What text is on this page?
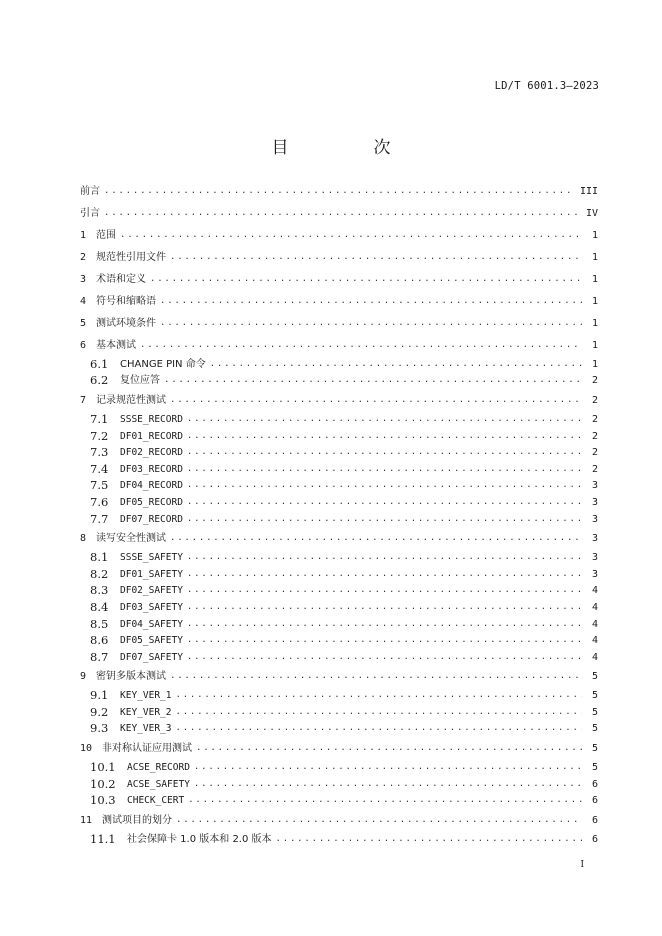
LD/T 6001.3—2023
目　次
前言 .....	III
引言 .....	IV
1 范围 .....	1
2 规范性引用文件 .....	1
3 术语和定义 .....	1
4 符号和缩略语 .....	1
5 测试环境条件 .....	1
6 基本测试 .....	1
6.1	CHANGE PIN 命令 .....	1
6.2	复位应答 .....	2
7 记录规范性测试 .....	2
7.1	SSSE_RECORD .....	2
7.2	DF01_RECORD .....	2
7.3	DF02_RECORD .....	2
7.4	DF03_RECORD .....	2
7.5	DF04_RECORD .....	3
7.6	DF05_RECORD .....	3
7.7	DF07_RECORD .....	3
8 读写安全性测试 .....	3
8.1	SSSE_SAFETY .....	3
8.2	DF01_SAFETY .....	3
8.3	DF02_SAFETY .....	4
8.4	DF03_SAFETY .....	4
8.5	DF04_SAFETY .....	4
8.6	DF05_SAFETY .....	4
8.7	DF07_SAFETY .....	4
9 密钥多版本测试 .....	5
9.1	KEY_VER_1 .....	5
9.2	KEY_VER_2 .....	5
9.3	KEY_VER_3 .....	5
10 非对称认证应用测试 .....	5
10.1	ACSE_RECORD .....	5
10.2	ACSE_SAFETY .....	6
10.3	CHECK_CERT .....	6
11 测试项目的划分 .....	6
11.1	社会保障卡 1.0 版本和 2.0 版本 .....	6
I
